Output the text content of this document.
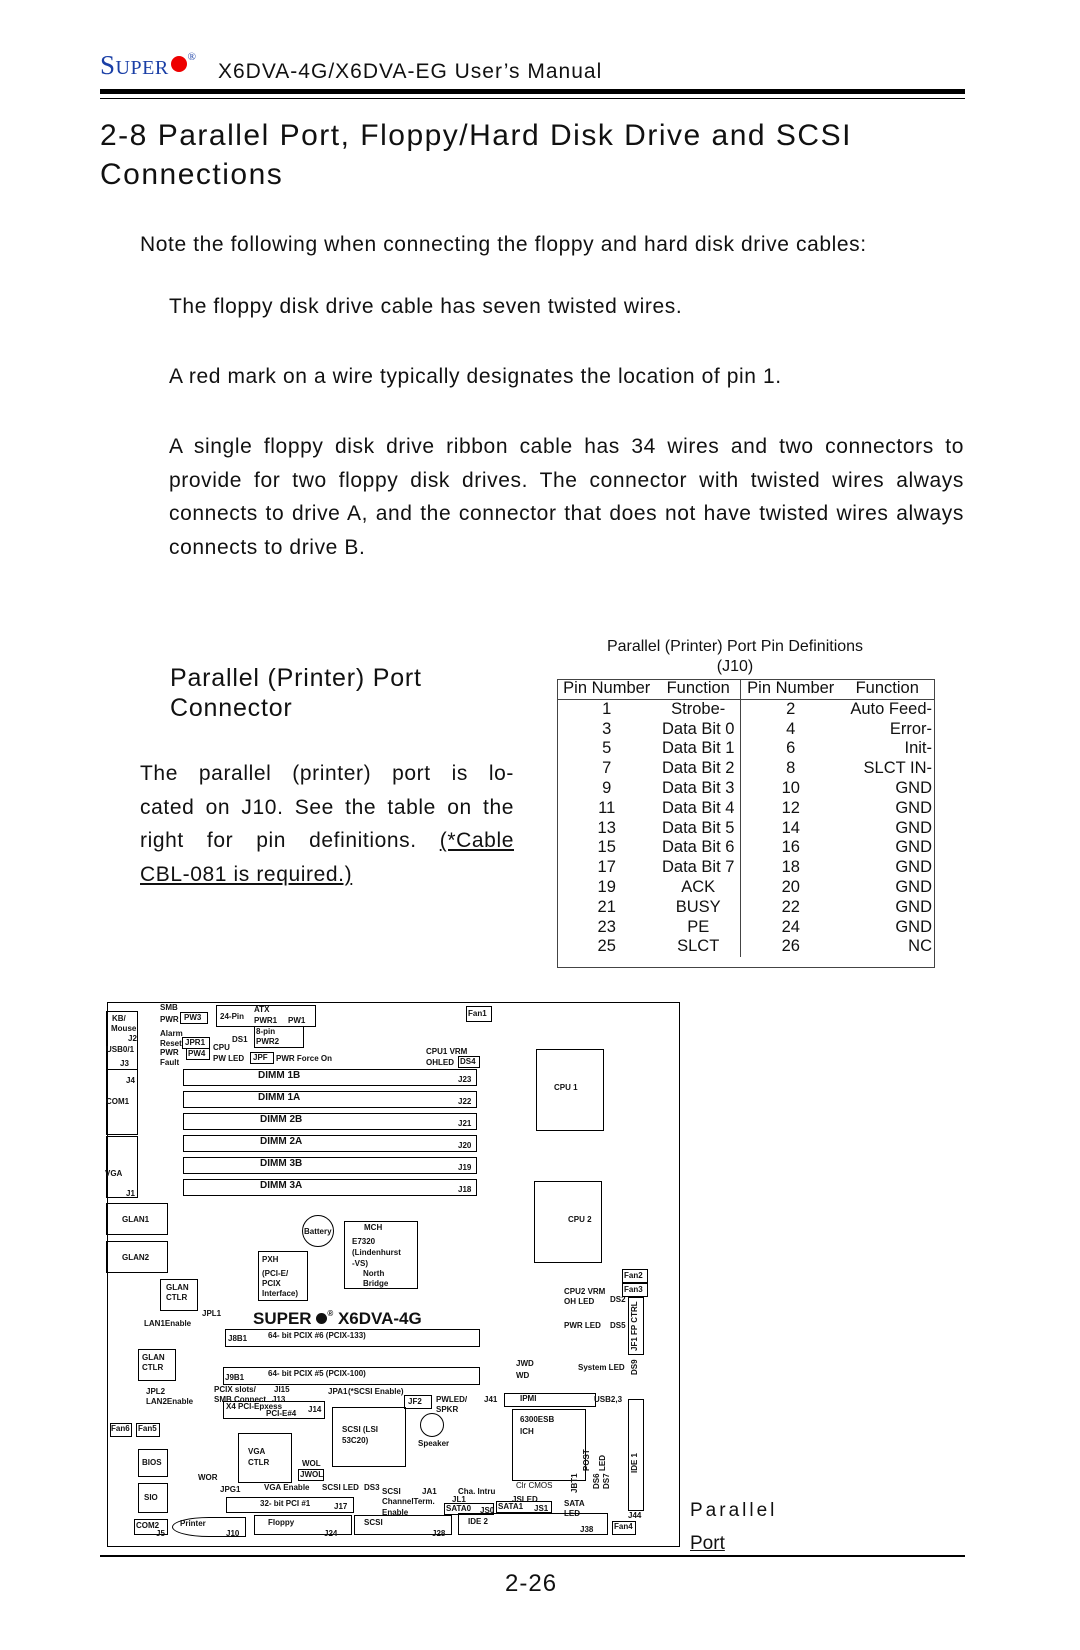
SUPER ®
X6DVA-4G/X6DVA-EG User’s Manual
2-8 Parallel Port, Floppy/Hard Disk Drive and SCSI Connections
Note the following when connecting the floppy and hard disk drive cables:
The floppy disk drive cable has seven twisted wires.
A red mark on a wire typically designates the location of pin 1.
A single floppy disk drive ribbon cable has 34 wires and two connectors to provide for two floppy disk drives. The connector with twisted wires always connects to drive A, and the connector that does not have twisted wires always connects to drive B.
Parallel (Printer) Port Connector
The parallel (printer) port is lo-
cated on J10. See the table on the
right for pin definitions. (*Cable
CBL-081 is required.)
Parallel (Printer) Port Pin Definitions
(J10)
Pin Number	Function	Pin Number	Function
1	Strobe-	2	Auto Feed-
3	Data Bit 0	4	Error-
5	Data Bit 1	6	Init-
7	Data Bit 2	8	SLCT IN-
9	Data Bit 3	10	GND
11	Data Bit 4	12	GND
13	Data Bit 5	14	GND
15	Data Bit 6	16	GND
17	Data Bit 7	18	GND
19	ACK	20	GND
21	BUSY	22	GND
23	PE	24	GND
25	SLCT	26	NC
KB/
Mouse
J2
USB0/1
J3
J4
COM1
VGA
J1
GLAN1
GLAN2
SMB
PWR PW3 24-Pin
ATX
PWR1 PW1
Alarm
Reset JPR1
PWR
Fault
PW4
CPU
DS1
8-pin
PWR2
PW LED JPF PWR Force On
Fan1
CPU1 VRM
OHLED DS4
DIMM 1B	J23
DIMM 1A	J22
DIMM 2B	J21
DIMM 2A	J20
DIMM 3B	J19
DIMM 3A	J18
CPU 1
CPU 2
Battery	MCH
E7320
(Lindenhurst
-VS)
North
Bridge
PXH
(PCI-E/
PCIX
Interface)
GLAN
CTLR
JPL1
LAN1Enable	SUPER ® X6DVA-4G
J8B1	64- bit PCIX #6 (PCIX-133)
GLAN
CTLR
J9B1	64- bit PCIX #5 (PCIX-100)
PCIX slots/ JI15	JPA1 (*SCSI Enable)
JPL2
LAN2Enable	SMB Connect J13
X4 PCI-Epxess
PCI-E#4 J14
JF2 PWLED/
SPKR
J41	IPMI	USB2,3
JWD
WD
Fan6 Fan5
BIOS
SIO
SCSI (LSI
53C20)	Speaker
6300ESB
ICH
VGA
CTLR	WOL
JWOL
WOR
JPG1	VGA Enable SCSI LED DS3 SCSI	JA1	Cha. Intru
JL1
Clr CMOS
32- bit PCI #1	J17
ChannelTerm.
Enable
JSLED	SATA
LED
SATA0 JS0 SATA1 JS1
COM2
J5
Printer
J10
Floppy
J24
SCSI
J28
IDE 2
J38	Fan4
IDE 1
J44
POST LED
JBT1 DS6 DS7
CPU2 VRM
OH LED DS2
Fan2
Fan3
PWR LED DS5
System LED DS9
FP CTRL
JF1
Parallel
Port
2-26
